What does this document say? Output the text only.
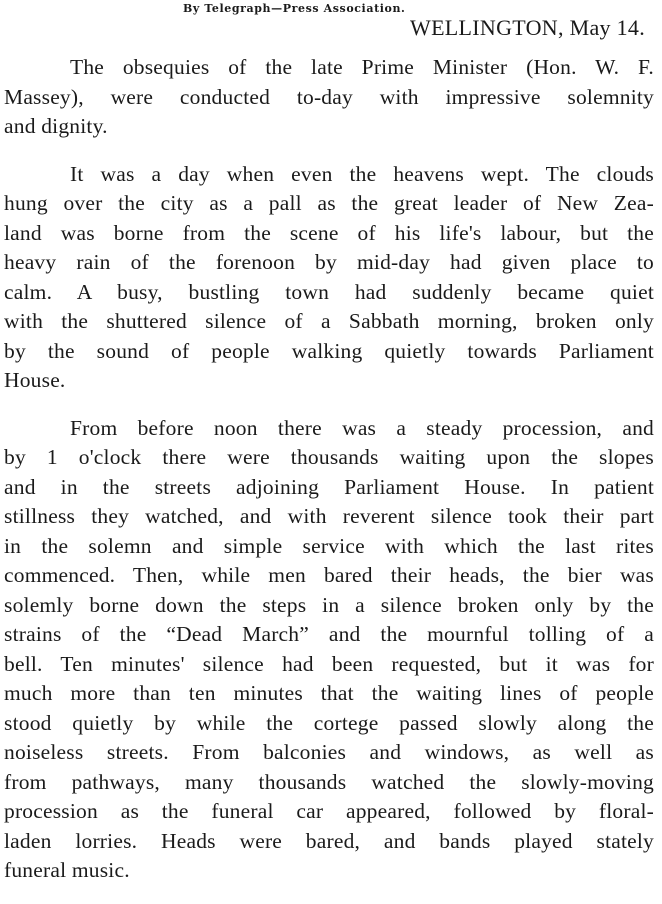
By Telegraph—Press Association.
WELLINGTON, May 14.
The obsequies of the late Prime Minister (Hon. W. F.
Massey), were conducted to-day with impressive solemnity
and dignity.
It was a day when even the heavens wept. The clouds
hung over the city as a pall as the great leader of New Zea-
land was borne from the scene of his life's labour, but the
heavy rain of the forenoon by mid-day had given place to
calm. A busy, bustling town had suddenly became quiet
with the shuttered silence of a Sabbath morning, broken only
by the sound of people walking quietly towards Parliament
House.
From before noon there was a steady procession, and
by 1 o'clock there were thousands waiting upon the slopes
and in the streets adjoining Parliament House. In patient
stillness they watched, and with reverent silence took their part
in the solemn and simple service with which the last rites
commenced. Then, while men bared their heads, the bier was
solemly borne down the steps in a silence broken only by the
strains of the “Dead March” and the mournful tolling of a
bell. Ten minutes' silence had been requested, but it was for
much more than ten minutes that the waiting lines of people
stood quietly by while the cortege passed slowly along the
noiseless streets. From balconies and windows, as well as
from pathways, many thousands watched the slowly-moving
procession as the funeral car appeared, followed by floral-
laden lorries. Heads were bared, and bands played stately
funeral music.
